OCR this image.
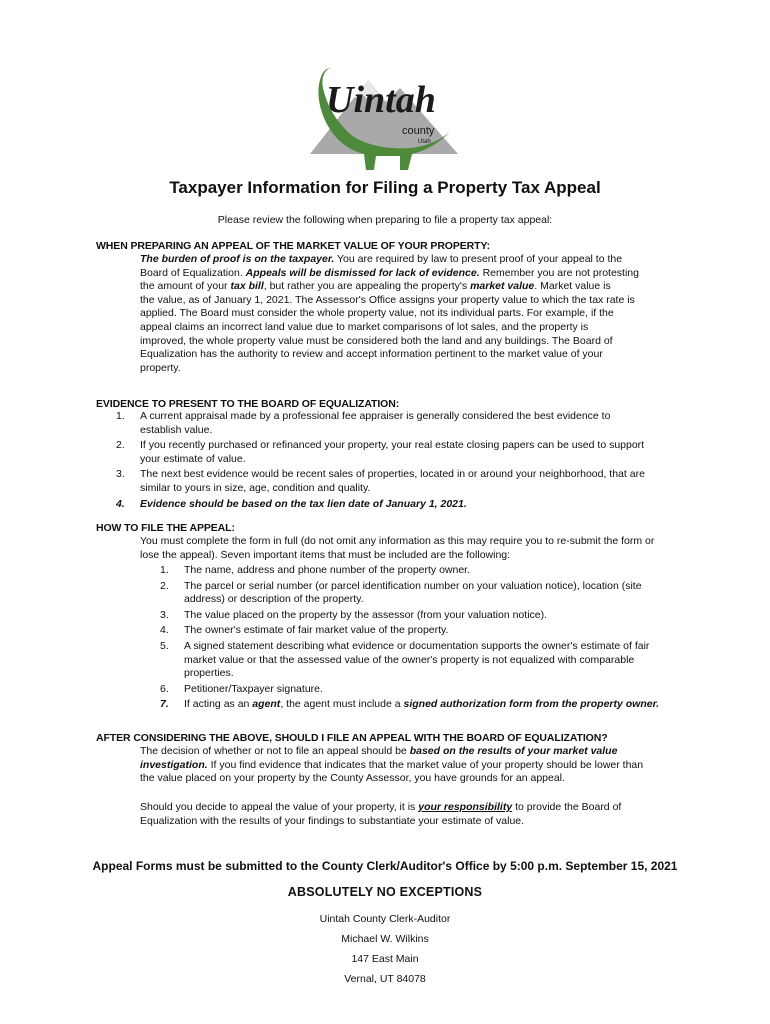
Uintah
county
Utah
Taxpayer Information for Filing a Property Tax Appeal
Please review the following when preparing to file a property tax appeal:
WHEN PREPARING AN APPEAL OF THE MARKET VALUE OF YOUR PROPERTY:
The burden of proof is on the taxpayer. You are required by law to present proof of your appeal to the
Board of Equalization. Appeals will be dismissed for lack of evidence. Remember you are not protesting
the amount of your tax bill, but rather you are appealing the property's market value. Market value is
the value, as of January 1, 2021. The Assessor's Office assigns your property value to which the tax rate is
applied. The Board must consider the whole property value, not its individual parts. For example, if the
appeal claims an incorrect land value due to market comparisons of lot sales, and the property is
improved, the whole property value must be considered both the land and any buildings. The Board of
Equalization has the authority to review and accept information pertinent to the market value of your
property.
EVIDENCE TO PRESENT TO THE BOARD OF EQUALIZATION:
1. A current appraisal made by a professional fee appraiser is generally considered the best evidence to establish value.
2. If you recently purchased or refinanced your property, your real estate closing papers can be used to support your estimate of value.
3. The next best evidence would be recent sales of properties, located in or around your neighborhood, that are similar to yours in size, age, condition and quality.
4. Evidence should be based on the tax lien date of January 1, 2021.
HOW TO FILE THE APPEAL:
You must complete the form in full (do not omit any information as this may require you to re-submit the form or lose the appeal). Seven important items that must be included are the following:
1. The name, address and phone number of the property owner.
2. The parcel or serial number (or parcel identification number on your valuation notice), location (site address) or description of the property.
3. The value placed on the property by the assessor (from your valuation notice).
4. The owner's estimate of fair market value of the property.
5. A signed statement describing what evidence or documentation supports the owner's estimate of fair market value or that the assessed value of the owner's property is not equalized with comparable properties.
6. Petitioner/Taxpayer signature.
7. If acting as an agent, the agent must include a signed authorization form from the property owner.
AFTER CONSIDERING THE ABOVE, SHOULD I FILE AN APPEAL WITH THE BOARD OF EQUALIZATION?
The decision of whether or not to file an appeal should be based on the results of your market value investigation. If you find evidence that indicates that the market value of your property should be lower than the value placed on your property by the County Assessor, you have grounds for an appeal.
Should you decide to appeal the value of your property, it is your responsibility to provide the Board of Equalization with the results of your findings to substantiate your estimate of value.
Appeal Forms must be submitted to the County Clerk/Auditor's Office by 5:00 p.m. September 15, 2021
ABSOLUTELY NO EXCEPTIONS
Uintah County Clerk-Auditor
Michael W. Wilkins
147 East Main
Vernal, UT 84078
